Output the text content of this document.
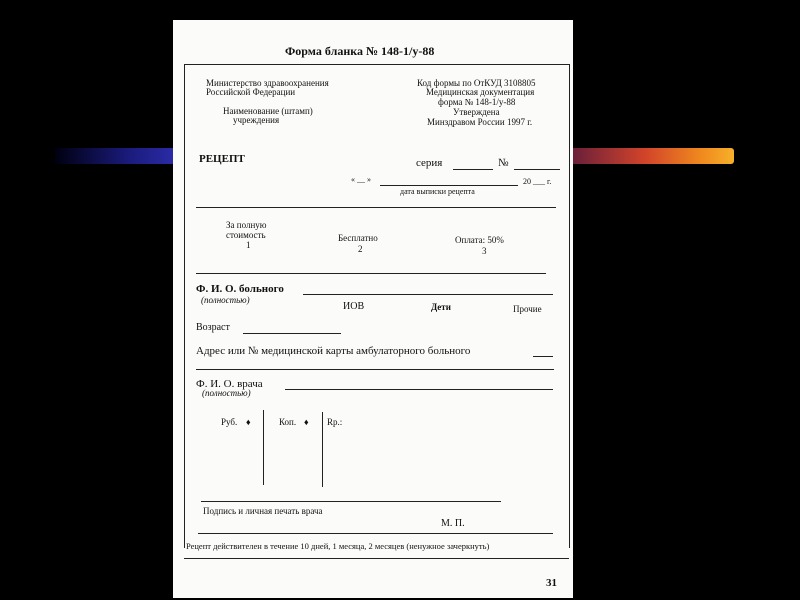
Форма бланка № 148-1/у-88
Министерство здравоохранения
Российской Федерации
Наименование (штамп)
учреждения
Код формы по ОтКУД 3108805
Медицинская документация
форма № 148-1/у-88
Утверждена
Минздравом России 1997 г.
РЕЦЕПТ	серия	№
« __ »	20 ___ г.
дата выписки рецепта
За полную
стоимость
1
Бесплатно
2
Оплата: 50%
3
Ф. И. О. больного
(полностью)
ИОВ	Дети	Прочие
Возраст
Адрес или № медицинской карты амбулаторного больного
Ф. И. О. врача
(полностью)
Руб. ♦	Коп. ♦ Rp.:
Подпись и личная печать врача
М. П.
Рецепт действителен в течение 10 дней, 1 месяца, 2 месяцев (ненужное зачеркнуть)
31
